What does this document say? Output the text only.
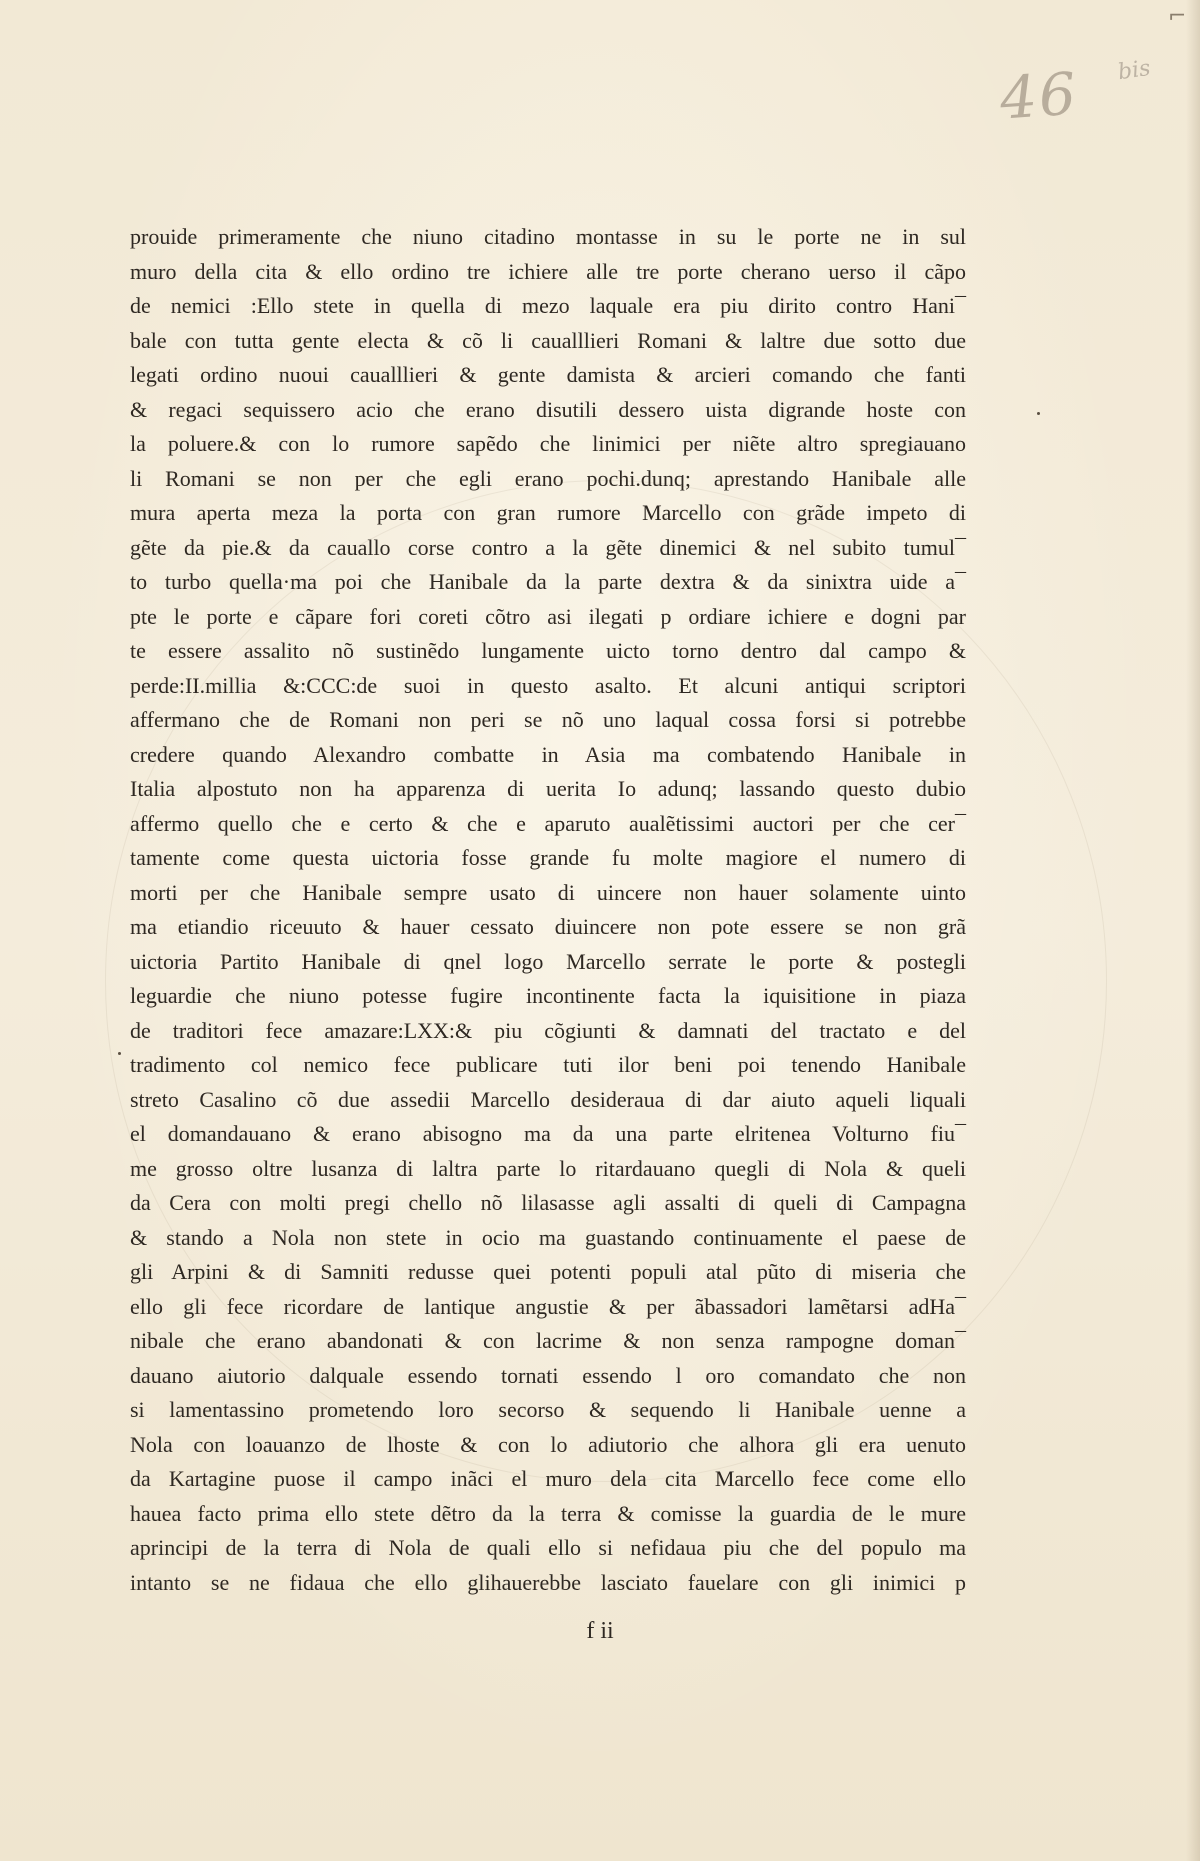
⌐
46 bis
prouide primeramente che niuno citadino montasse in su le porte ne in sul
muro della cita & ello ordino tre ichiere alle tre porte cherano uerso il cãpo
de nemici :Ello stete in quella di mezo laquale era piu dirito contro Hani¯
bale con tutta gente electa & cõ li caualllieri Romani & laltre due sotto due
legati ordino nuoui caualllieri & gente damista & arcieri comando che fanti
& regaci sequissero acio che erano disutili dessero uista digrande hoste con
la poluere.& con lo rumore sapẽdo che linimici per niẽte altro spregiauano
li Romani se non per che egli erano pochi.dunq; aprestando Hanibale alle
mura aperta meza la porta con gran rumore Marcello con grãde impeto di
gẽte da pie.& da cauallo corse contro a la gẽte dinemici & nel subito tumul¯
to turbo quella·ma poi che Hanibale da la parte dextra & da sinixtra uide a¯
pte le porte e cãpare fori coreti cõtro asi ilegati p ordiare ichiere e dogni par
te essere assalito nõ sustinẽdo lungamente uicto torno dentro dal campo &
perde:II.millia &:CCC:de suoi in questo asalto. Et alcuni antiqui scriptori
affermano che de Romani non peri se nõ uno laqual cossa forsi si potrebbe
credere quando Alexandro combatte in Asia ma combatendo Hanibale in
Italia alpostuto non ha apparenza di uerita Io adunq; lassando questo dubio
affermo quello che e certo & che e aparuto aualẽtissimi auctori per che cer¯
tamente come questa uictoria fosse grande fu molte magiore el numero di
morti per che Hanibale sempre usato di uincere non hauer solamente uinto
ma etiandio riceuuto & hauer cessato diuincere non pote essere se non grã
uictoria Partito Hanibale di qnel logo Marcello serrate le porte & postegli
leguardie che niuno potesse fugire incontinente facta la iquisitione in piaza
de traditori fece amazare:LXX:& piu cõgiunti & damnati del tractato e del
tradimento col nemico fece publicare tuti ilor beni poi tenendo Hanibale
streto Casalino cõ due assedii Marcello desideraua di dar aiuto aqueli liquali
el domandauano & erano abisogno ma da una parte elritenea Volturno fiu¯
me grosso oltre lusanza di laltra parte lo ritardauano quegli di Nola & queli
da Cera con molti pregi chello nõ lilasasse agli assalti di queli di Campagna
& stando a Nola non stete in ocio ma guastando continuamente el paese de
gli Arpini & di Samniti redusse quei potenti populi atal pũto di miseria che
ello gli fece ricordare de lantique angustie & per ãbassadori lamẽtarsi adHa¯
nibale che erano abandonati & con lacrime & non senza rampogne doman¯
dauano aiutorio dalquale essendo tornati essendo l oro comandato che non
si lamentassino prometendo loro secorso & sequendo li Hanibale uenne a
Nola con loauanzo de lhoste & con lo adiutorio che alhora gli era uenuto
da Kartagine puose il campo inãci el muro dela cita Marcello fece come ello
hauea facto prima ello stete dẽtro da la terra & comisse la guardia de le mure
aprincipi de la terra di Nola de quali ello si nefidaua piu che del populo ma
intanto se ne fidaua che ello glihauerebbe lasciato fauelare con gli inimici p
f ii
